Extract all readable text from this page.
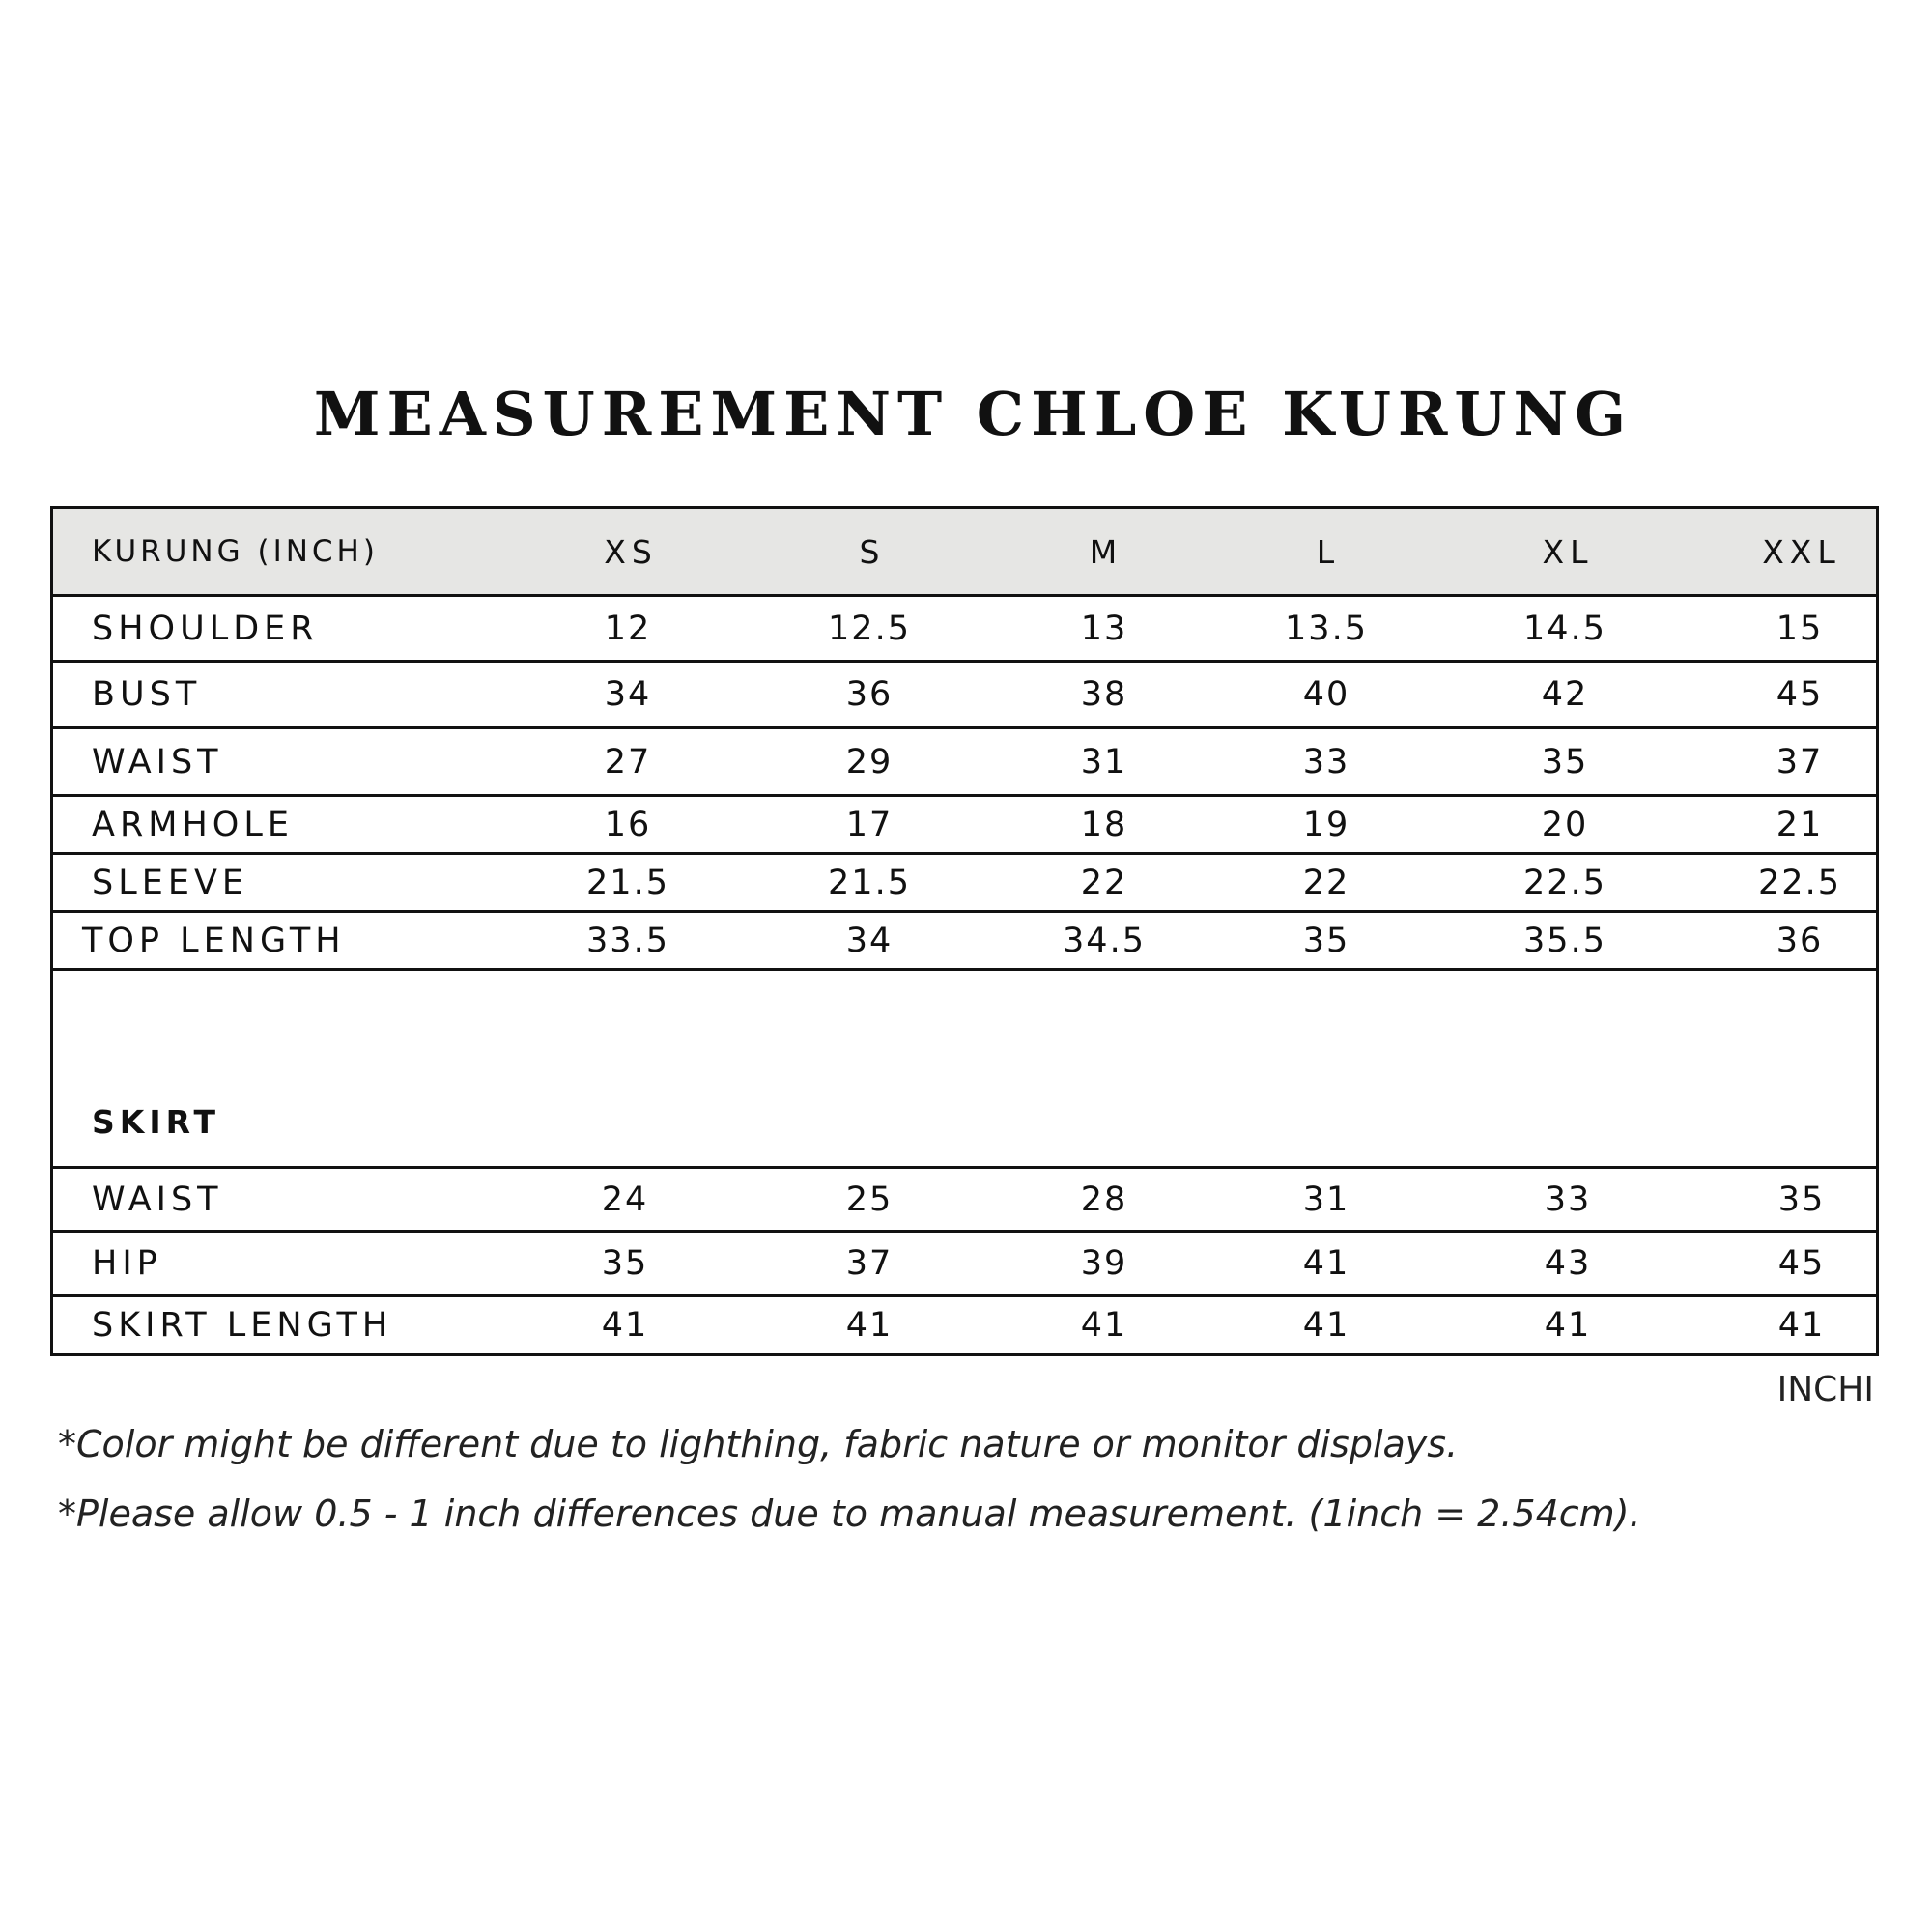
MEASUREMENT CHLOE KURUNG
KURUNG (INCH)	XS	S	M	L	XL	XXL
SHOULDER	12	12.5	13	13.5	14.5	15
BUST	34	36	38	40	42	45
WAIST	27	29	31	33	35	37
ARMHOLE	16	17	18	19	20	21
SLEEVE	21.5	21.5	22	22	22.5	22.5
TOP LENGTH	33.5	34	34.5	35	35.5	36
SKIRT
WAIST	24	25	28	31	33	35
HIP	35	37	39	41	43	45
SKIRT LENGTH	41	41	41	41	41	41
INCHI
*Color might be different due to lighthing, fabric nature or monitor displays.
*Please allow 0.5 - 1 inch differences due to manual measurement. (1inch = 2.54cm).
